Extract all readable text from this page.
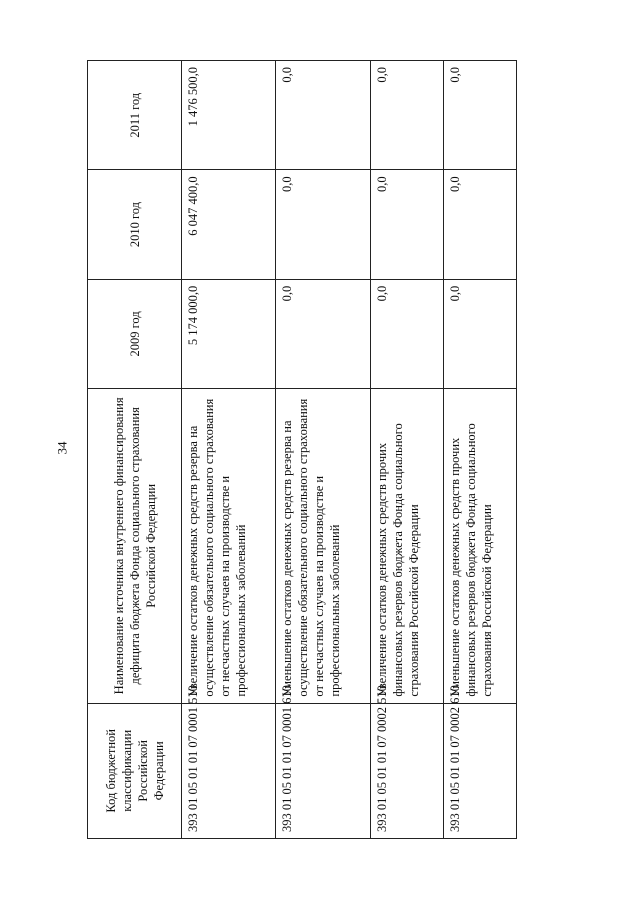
34
Код бюджетной классификации Российской Федерации	Наименование источника внутреннего финансирования дефицита бюджета Фонда социального страхования Российской Федерации	2009 год	2010 год	2011 год
393 01 05 01 01 07 0001 510	Увеличение остатков денежных средств резерва на осуществление обязательного социального страхования от несчастных случаев на производстве и профессиональных заболеваний	5 174 000,0	6 047 400,0	1 476 500,0
393 01 05 01 01 07 0001 610	Уменьшение остатков денежных средств резерва на осуществление обязательного социального страхования от несчастных случаев на производстве и профессиональных заболеваний	0,0	0,0	0,0
393 01 05 01 01 07 0002 510	Увеличение остатков денежных средств прочих финансовых резервов бюджета Фонда социального страхования Российской Федерации	0,0	0,0	0,0
393 01 05 01 01 07 0002 610	Уменьшение остатков денежных средств прочих финансовых резервов бюджета Фонда социального страхования Российской Федерации	0,0	0,0	0,0
